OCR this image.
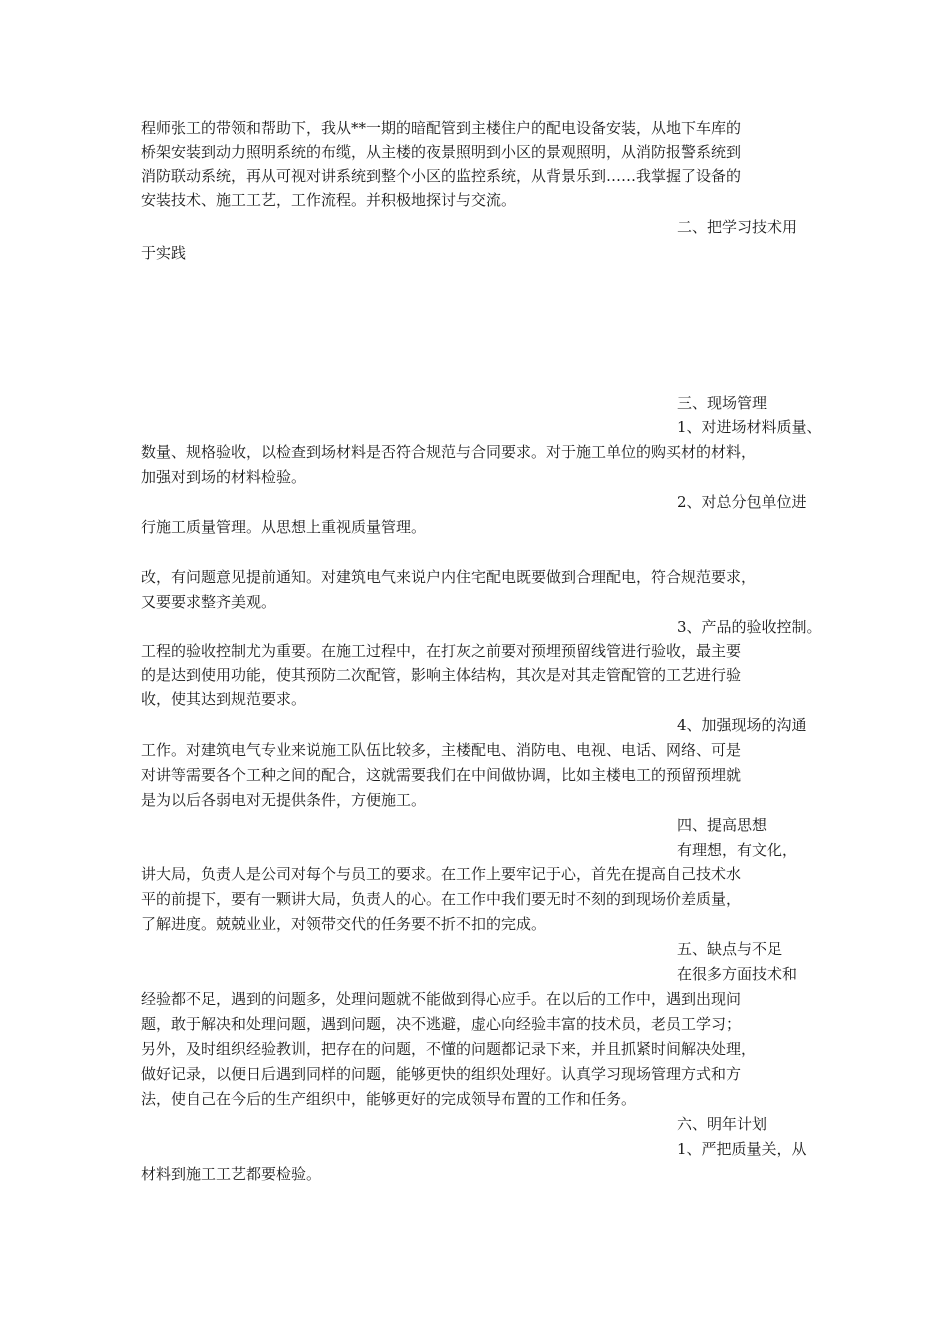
程师张工的带领和帮助下，我从**一期的暗配管到主楼住户的配电设备安装，从地下车库的
桥架安装到动力照明系统的布缆，从主楼的夜景照明到小区的景观照明，从消防报警系统到
消防联动系统，再从可视对讲系统到整个小区的监控系统，从背景乐到……我掌握了设备的
安装技术、施工工艺，工作流程。并积极地探讨与交流。
二、把学习技术用
于实践
三、现场管理
1、对进场材料质量、
数量、规格验收，以检查到场材料是否符合规范与合同要求。对于施工单位的购买材的材料，
加强对到场的材料检验。
2、对总分包单位进
行施工质量管理。从思想上重视质量管理。
改，有问题意见提前通知。对建筑电气来说户内住宅配电既要做到合理配电，符合规范要求，
又要要求整齐美观。
3、产品的验收控制。
工程的验收控制尤为重要。在施工过程中，在打灰之前要对预埋预留线管进行验收，最主要
的是达到使用功能，使其预防二次配管，影响主体结构，其次是对其走管配管的工艺进行验
收，使其达到规范要求。
4、加强现场的沟通
工作。对建筑电气专业来说施工队伍比较多，主楼配电、消防电、电视、电话、网络、可是
对讲等需要各个工种之间的配合，这就需要我们在中间做协调，比如主楼电工的预留预埋就
是为以后各弱电对无提供条件，方便施工。
四、提高思想
有理想，有文化，
讲大局，负责人是公司对每个与员工的要求。在工作上要牢记于心，首先在提高自己技术水
平的前提下，要有一颗讲大局，负责人的心。在工作中我们要无时不刻的到现场价差质量，
了解进度。兢兢业业，对领带交代的任务要不折不扣的完成。
五、缺点与不足
在很多方面技术和
经验都不足，遇到的问题多，处理问题就不能做到得心应手。在以后的工作中，遇到出现问
题，敢于解决和处理问题，遇到问题，决不逃避，虚心向经验丰富的技术员，老员工学习；
另外，及时组织经验教训，把存在的问题，不懂的问题都记录下来，并且抓紧时间解决处理，
做好记录，以便日后遇到同样的问题，能够更快的组织处理好。认真学习现场管理方式和方
法，使自己在今后的生产组织中，能够更好的完成领导布置的工作和任务。
六、明年计划
1、严把质量关，从
材料到施工工艺都要检验。
